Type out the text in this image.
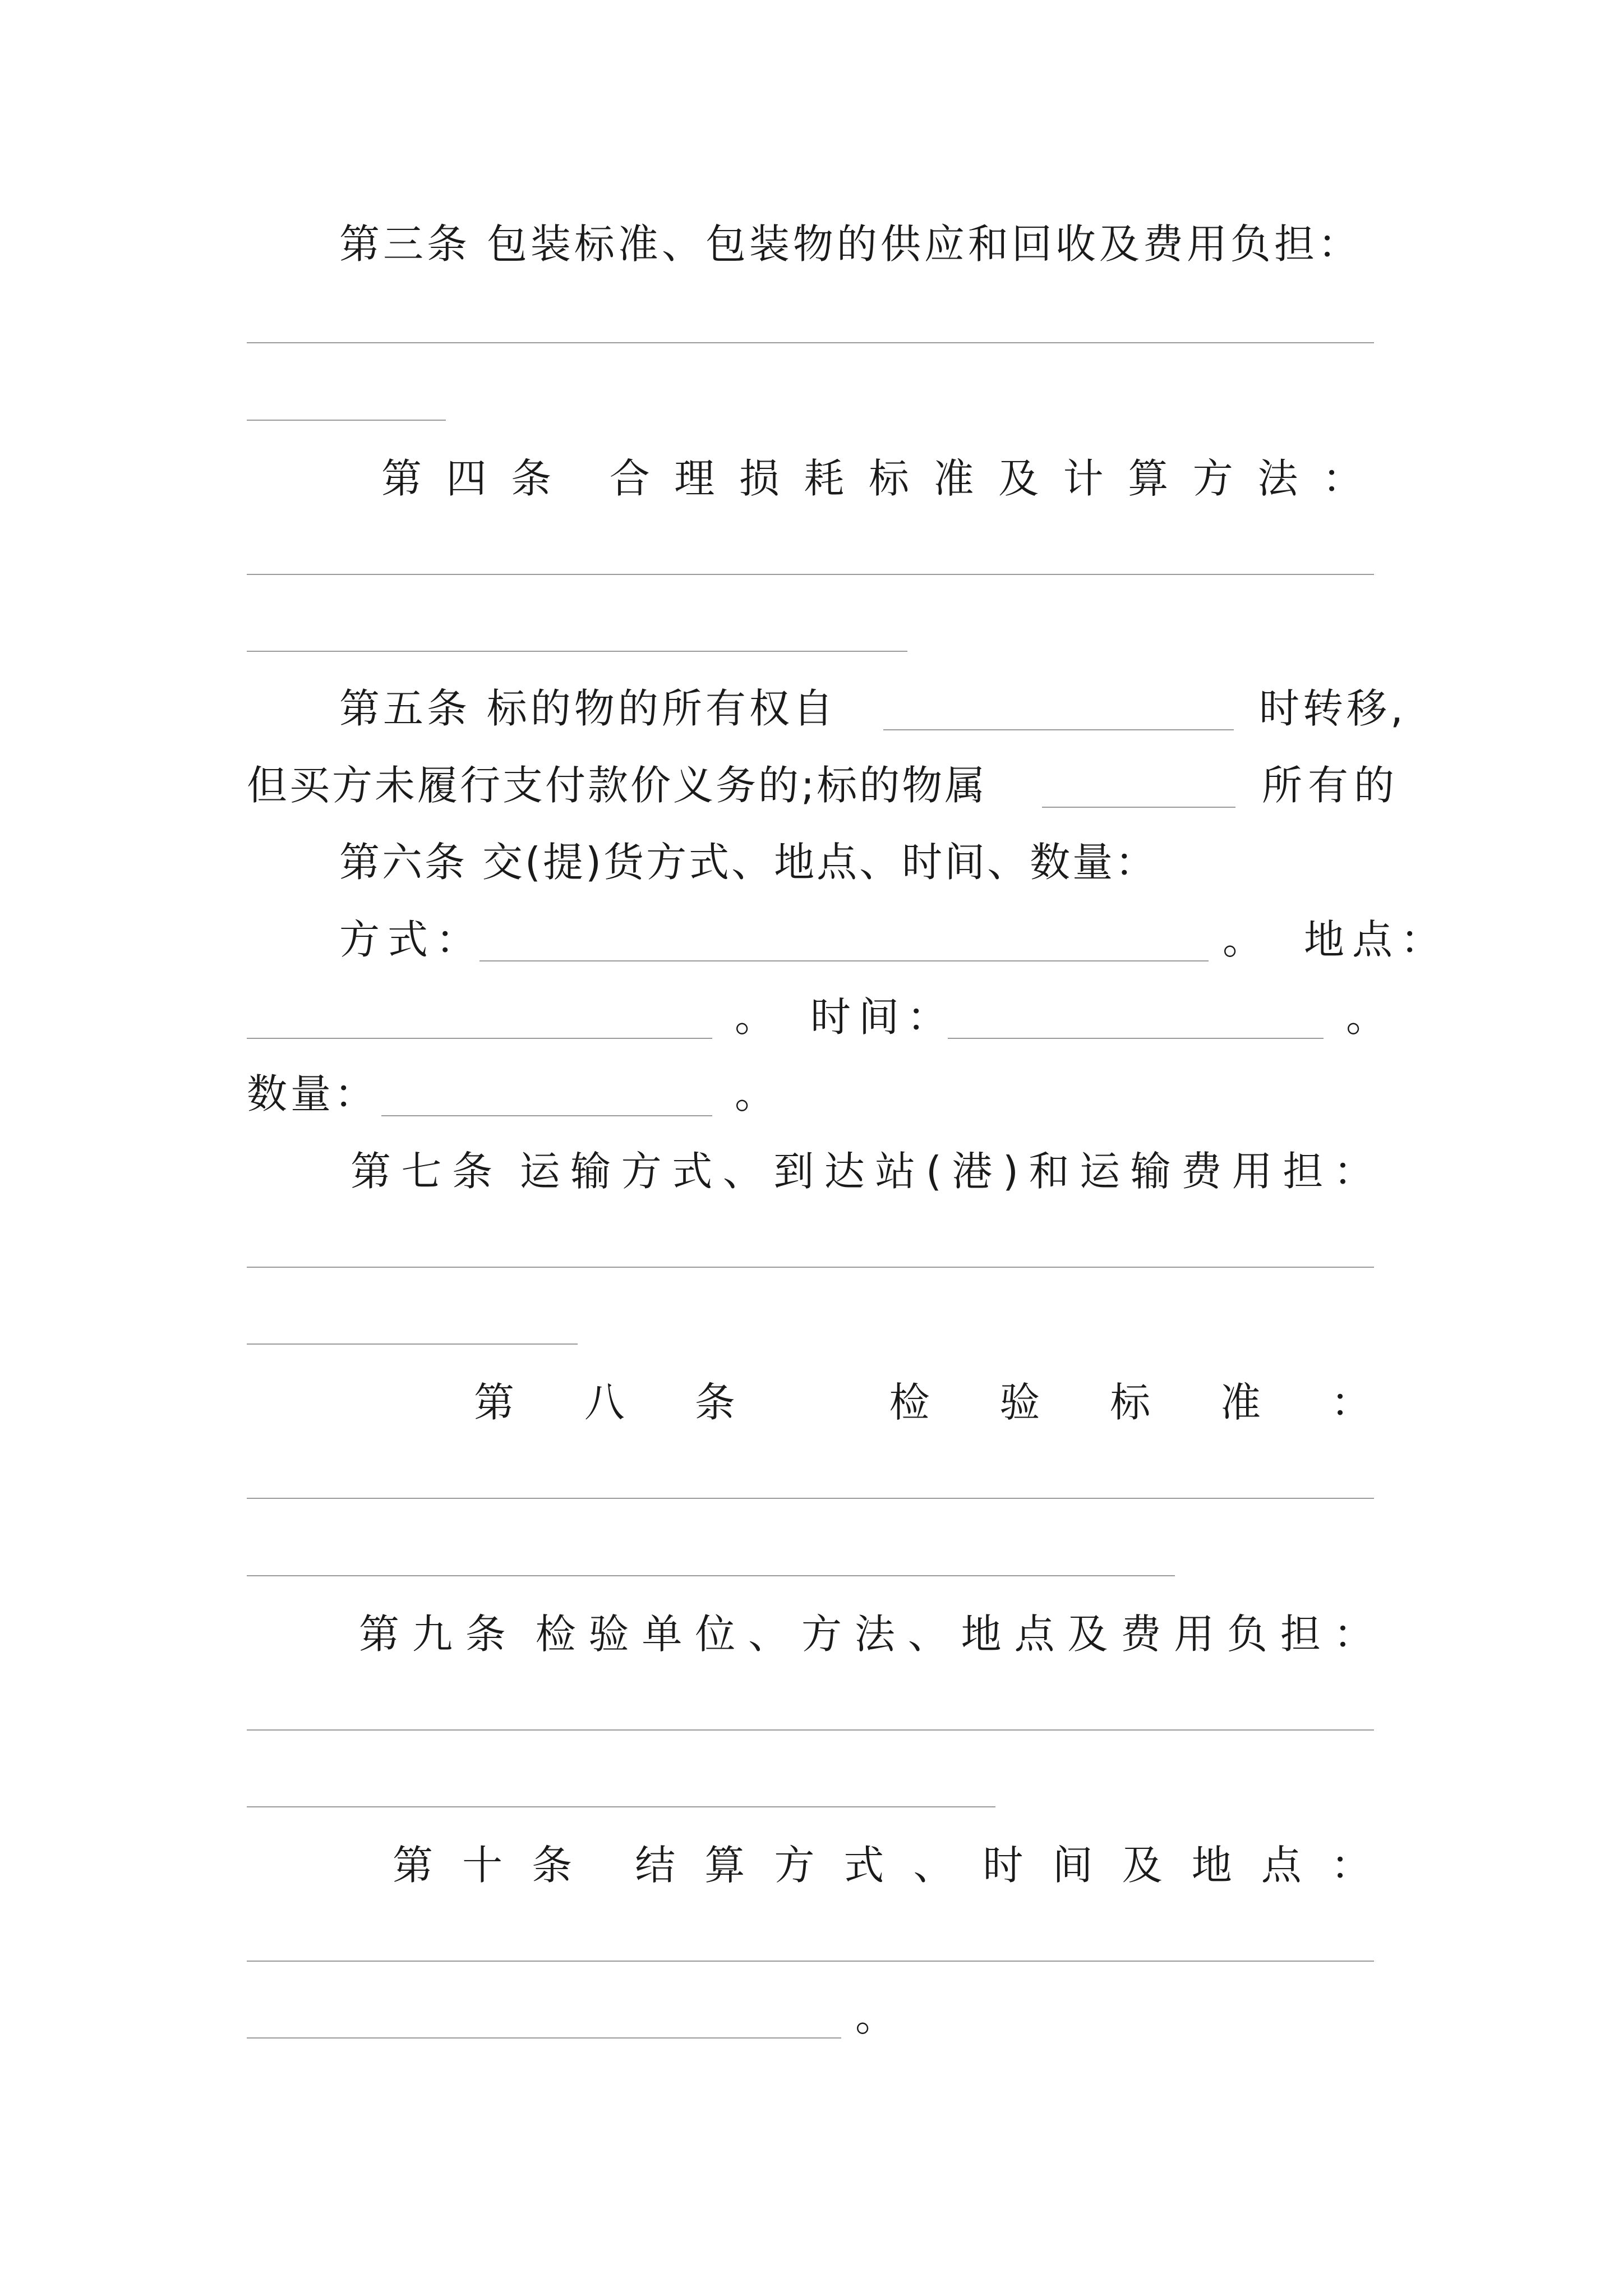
第三条 包装标准、包装物的供应和回收及费用负担：
第 四 条 合 理 损 耗 标 准 及 计 算 方 法 ：
第五条 标的物的所有权自	时转移,
但买方未履行支付款价义务的;标的物属	所有的
第六条 交(提)货方式、地点、时间、数量：
方式：	。 地点：
。 时间：	。
数量：	。
第 七 条 运 输 方 式 、 到 达 站 ( 港 ) 和 运 输 费 用 担 ：
第 八 条	检 验 标 准 ：
第 九 条 检 验 单 位 、 方 法 、 地 点 及 费 用 负 担 ：
第 十 条 结 算 方 式 、 时 间 及 地 点 ：
。
